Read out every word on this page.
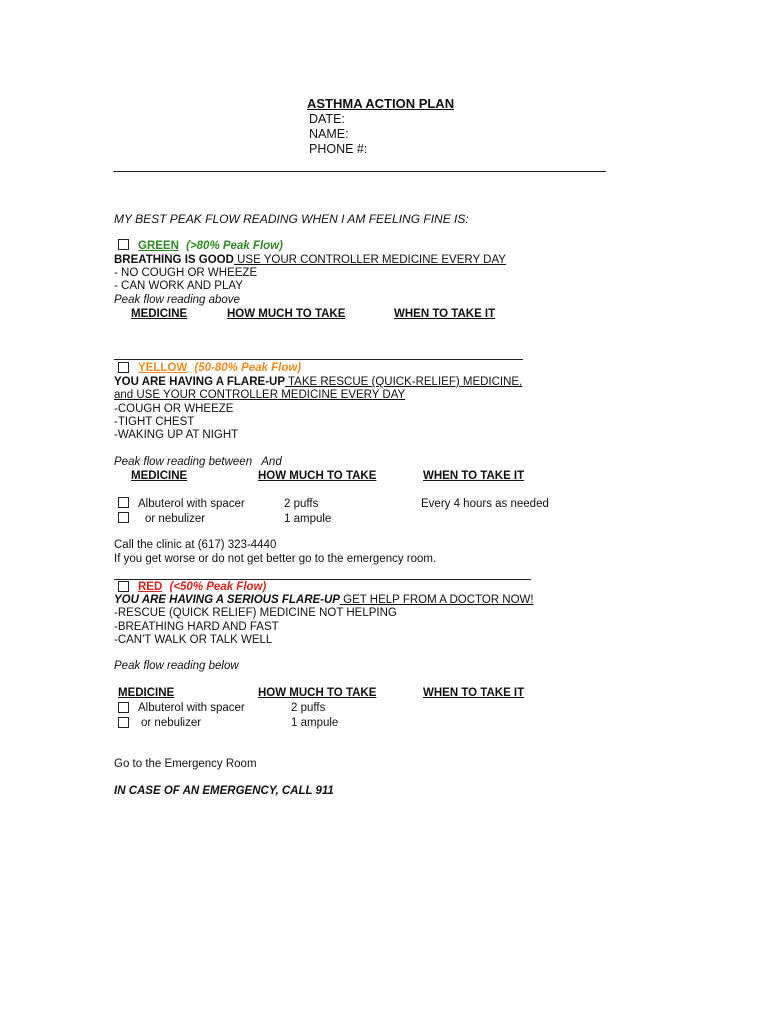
ASTHMA ACTION PLAN
DATE:
NAME:
PHONE #:
MY BEST PEAK FLOW READING WHEN I AM FEELING FINE IS:
GREEN (>80% Peak Flow)
BREATHING IS GOOD USE YOUR CONTROLLER MEDICINE EVERY DAY
- NO COUGH OR WHEEZE
- CAN WORK AND PLAY
Peak flow reading above
MEDICINE	HOW MUCH TO TAKE	WHEN TO TAKE IT
YELLOW (50-80% Peak Flow)
YOU ARE HAVING A FLARE-UP TAKE RESCUE (QUICK-RELIEF) MEDICINE,
and USE YOUR CONTROLLER MEDICINE EVERY DAY
-COUGH OR WHEEZE
-TIGHT CHEST
-WAKING UP AT NIGHT
Peak flow reading between   And
MEDICINE	HOW MUCH TO TAKE	WHEN TO TAKE IT
Albuterol with spacer	2 puffs	Every 4 hours as needed
or nebulizer	1 ampule
Call the clinic at (617) 323-4440
If you get worse or do not get better go to the emergency room.
RED (<50% Peak Flow)
YOU ARE HAVING A SERIOUS FLARE-UP GET HELP FROM A DOCTOR NOW!
-RESCUE (QUICK RELIEF) MEDICINE NOT HELPING
-BREATHING HARD AND FAST
-CAN'T WALK OR TALK WELL
Peak flow reading below
MEDICINE	HOW MUCH TO TAKE	WHEN TO TAKE IT
Albuterol with spacer	2 puffs
or nebulizer	1 ampule
Go to the Emergency Room
IN CASE OF AN EMERGENCY, CALL 911
